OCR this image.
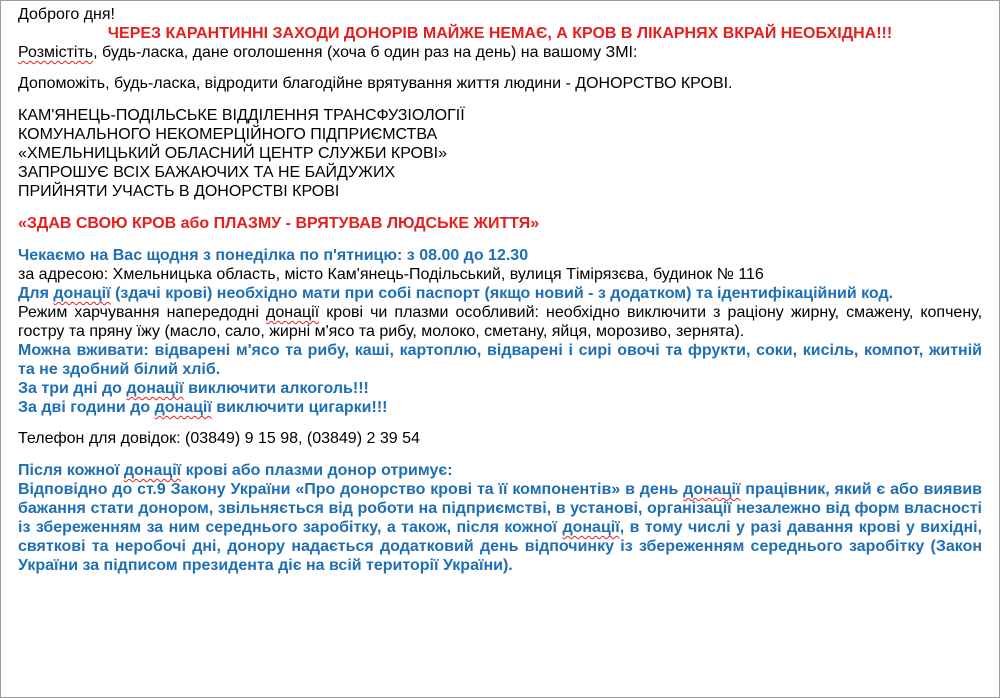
Доброго дня!

ЧЕРЕЗ КАРАНТИННІ ЗАХОДИ ДОНОРІВ МАЙЖЕ НЕМАЄ, А КРОВ В ЛІКАРНЯХ ВКРАЙ НЕОБХІДНА!!!

Розмістіть, будь-ласка, дане оголошення (хоча б один раз на день) на вашому ЗМІ:

Допоможіть, будь-ласка, відродити благодійне врятування життя людини - ДОНОРСТВО КРОВІ.

КАМ'ЯНЕЦЬ-ПОДІЛЬСЬКЕ ВІДДІЛЕННЯ ТРАНСФУЗІОЛОГІЇ

КОМУНАЛЬНОГО НЕКОМЕРЦІЙНОГО ПІДПРИЄМСТВА

«ХМЕЛЬНИЦЬКИЙ ОБЛАСНИЙ ЦЕНТР СЛУЖБИ КРОВІ»

ЗАПРОШУЄ ВСІХ БАЖАЮЧИХ ТА НЕ БАЙДУЖИХ

ПРИЙНЯТИ УЧАСТЬ В ДОНОРСТВІ КРОВІ

«ЗДАВ СВОЮ КРОВ або ПЛАЗМУ - ВРЯТУВАВ ЛЮДСЬКЕ ЖИТТЯ»

Чекаємо на Вас щодня з понеділка по п'ятницю: з 08.00 до 12.30

за адресою: Хмельницька область, місто Кам'янець-Подільський, вулиця Тімірязєва, будинок № 116

Для донації (здачі крові) необхідно мати при собі паспорт (якщо новий - з додатком) та ідентифікаційний код.

Режим харчування напередодні донації крові чи плазми особливий: необхідно виключити з раціону жирну, смажену, копчену, гостру та пряну їжу (масло, сало, жирні м'ясо та рибу, молоко, сметану, яйця, морозиво, зернята).

Можна вживати: відварені м'ясо та рибу, каші, картоплю, відварені і сирі овочі та фрукти, соки, кисіль, компот, житній та не здобний білий хліб.

За три дні до донації виключити алкоголь!!!

За дві години до донації виключити цигарки!!!

Телефон для довідок: (03849) 9 15 98, (03849) 2 39 54

Після кожної донації крові або плазми донор отримує:

Відповідно до ст.9 Закону України «Про донорство крові та її компонентів» в день донації працівник, який є або виявив бажання стати донором, звільняється від роботи на підприємстві, в установі, організації незалежно від форм власності із збереженням за ним середнього заробітку, а також, після кожної донації, в тому числі у разі давання крові у вихідні, святкові та неробочі дні, донору надається додатковий день відпочинку із збереженням середнього заробітку (Закон України за підписом президента діє на всій території України).
